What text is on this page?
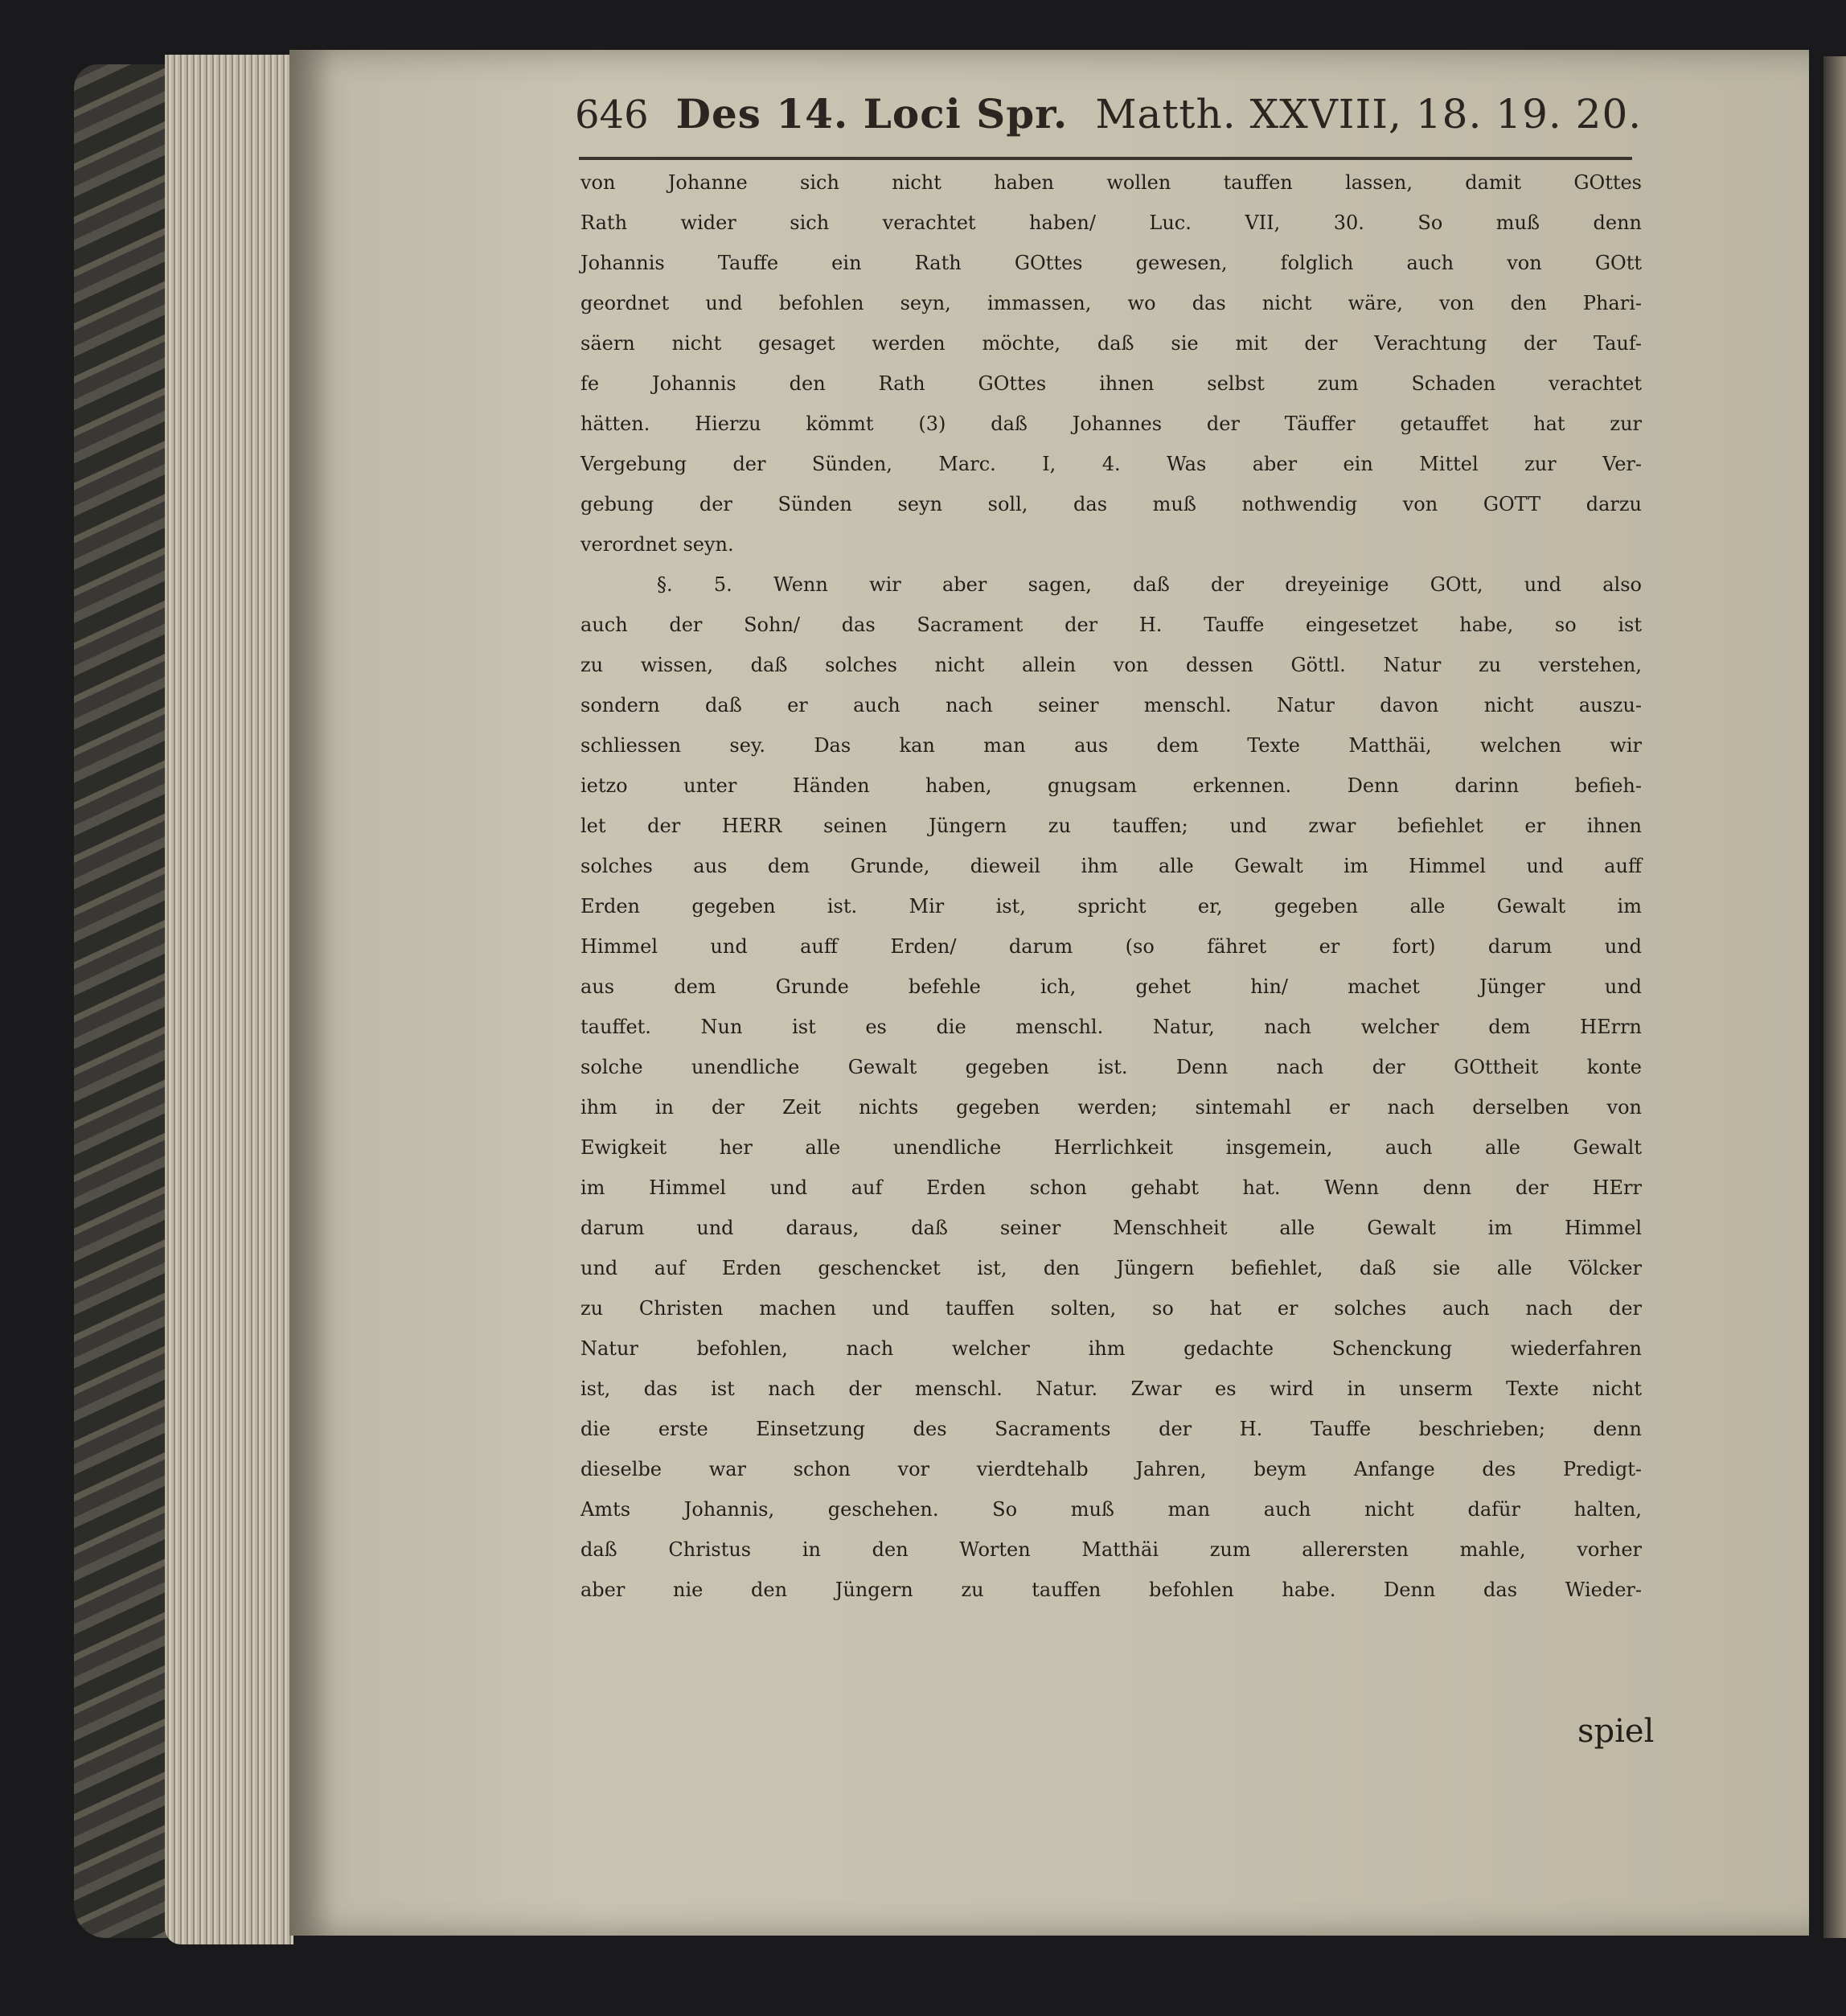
646 Des 14. Loci Spr. Matth. XXVIII, 18. 19. 20.
von Johanne sich nicht haben wollen tauffen lassen, damit GOttes
Rath wider sich verachtet haben/ Luc. VII, 30. So muß denn
Johannis Tauffe ein Rath GOttes gewesen, folglich auch von GOtt
geordnet und befohlen seyn, immassen, wo das nicht wäre, von den Phari-
säern nicht gesaget werden möchte, daß sie mit der Verachtung der Tauf-
fe Johannis den Rath GOttes ihnen selbst zum Schaden verachtet
hätten. Hierzu kömmt (3) daß Johannes der Täuffer getauffet hat zur
Vergebung der Sünden, Marc. I, 4. Was aber ein Mittel zur Ver-
gebung der Sünden seyn soll, das muß nothwendig von GOTT darzu
verordnet seyn.
§. 5. Wenn wir aber sagen, daß der dreyeinige GOtt, und also
auch der Sohn/ das Sacrament der H. Tauffe eingesetzet habe, so ist
zu wissen, daß solches nicht allein von dessen Göttl. Natur zu verstehen,
sondern daß er auch nach seiner menschl. Natur davon nicht auszu-
schliessen sey. Das kan man aus dem Texte Matthäi, welchen wir
ietzo unter Händen haben, gnugsam erkennen. Denn darinn befieh-
let der HERR seinen Jüngern zu tauffen; und zwar befiehlet er ihnen
solches aus dem Grunde, dieweil ihm alle Gewalt im Himmel und auff
Erden gegeben ist. Mir ist, spricht er, gegeben alle Gewalt im
Himmel und auff Erden/ darum (so fähret er fort) darum und
aus dem Grunde befehle ich, gehet hin/ machet Jünger und
tauffet. Nun ist es die menschl. Natur, nach welcher dem HErrn
solche unendliche Gewalt gegeben ist. Denn nach der GOttheit konte
ihm in der Zeit nichts gegeben werden; sintemahl er nach derselben von
Ewigkeit her alle unendliche Herrlichkeit insgemein, auch alle Gewalt
im Himmel und auf Erden schon gehabt hat. Wenn denn der HErr
darum und daraus, daß seiner Menschheit alle Gewalt im Himmel
und auf Erden geschencket ist, den Jüngern befiehlet, daß sie alle Völcker
zu Christen machen und tauffen solten, so hat er solches auch nach der
Natur befohlen, nach welcher ihm gedachte Schenckung wiederfahren
ist, das ist nach der menschl. Natur. Zwar es wird in unserm Texte nicht
die erste Einsetzung des Sacraments der H. Tauffe beschrieben; denn
dieselbe war schon vor vierdtehalb Jahren, beym Anfange des Predigt-
Amts Johannis, geschehen. So muß man auch nicht dafür halten,
daß Christus in den Worten Matthäi zum allerersten mahle, vorher
aber nie den Jüngern zu tauffen befohlen habe. Denn das Wieder-
spiel
